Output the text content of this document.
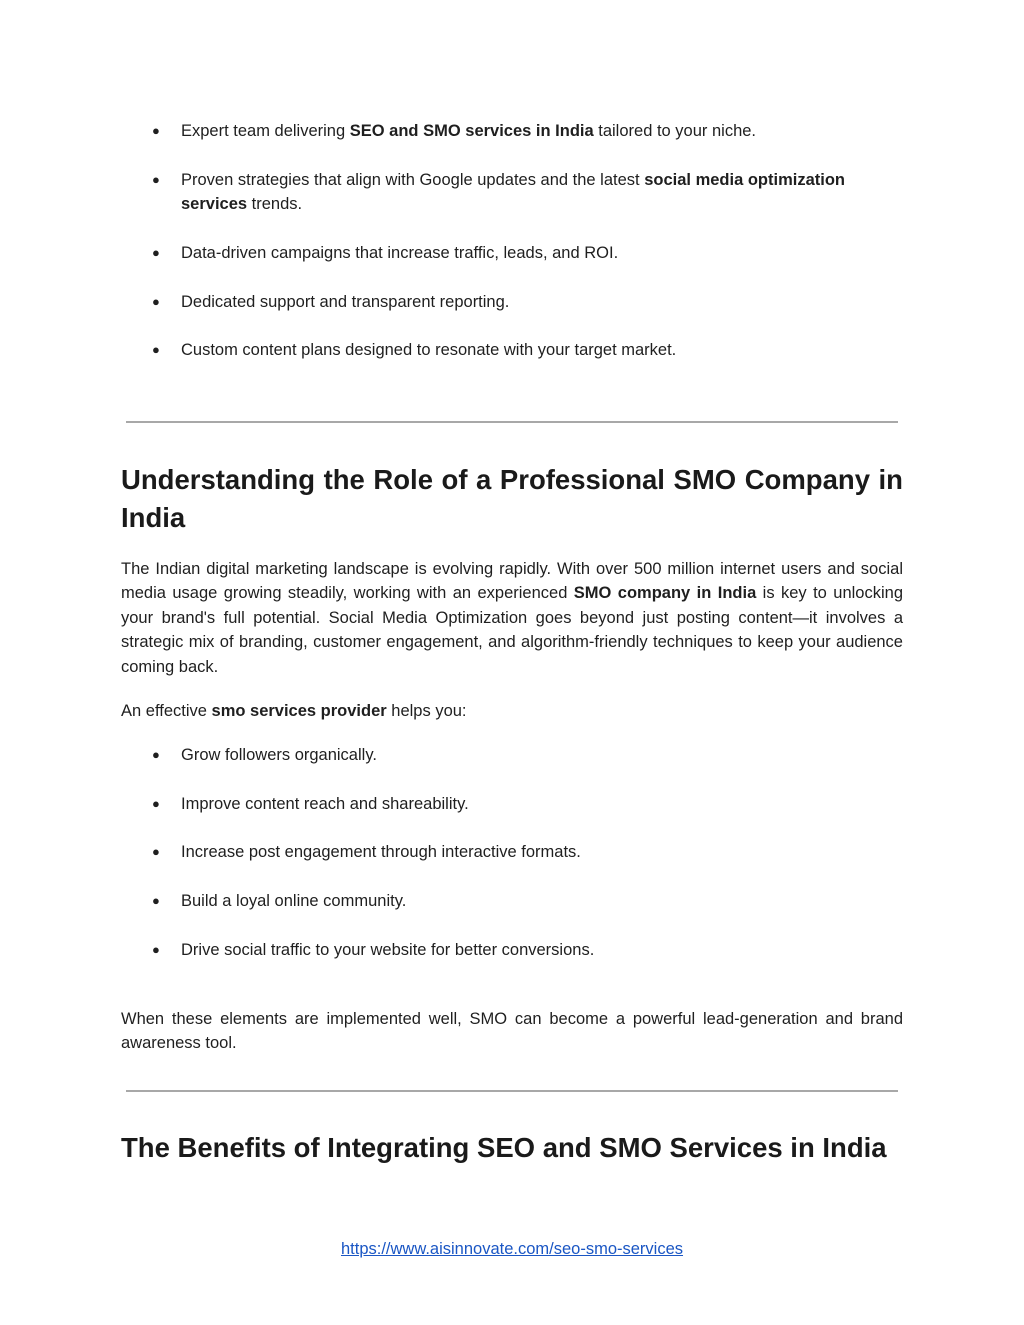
● Expert team delivering SEO and SMO services in India tailored to your niche.
● Proven strategies that align with Google updates and the latest social media optimization services trends.
● Data-driven campaigns that increase traffic, leads, and ROI.
● Dedicated support and transparent reporting.
● Custom content plans designed to resonate with your target market.
Understanding the Role of a Professional SMO Company in India

The Indian digital marketing landscape is evolving rapidly. With over 500 million internet users and social media usage growing steadily, working with an experienced SMO company in India is key to unlocking your brand's full potential. Social Media Optimization goes beyond just posting content—it involves a strategic mix of branding, customer engagement, and algorithm-friendly techniques to keep your audience coming back.

An effective smo services provider helps you:

● Grow followers organically.
● Improve content reach and shareability.
● Increase post engagement through interactive formats.
● Build a loyal online community.
● Drive social traffic to your website for better conversions.

When these elements are implemented well, SMO can become a powerful lead-generation and brand awareness tool.

The Benefits of Integrating SEO and SMO Services in India
https://www.aisinnovate.com/seo-smo-services
